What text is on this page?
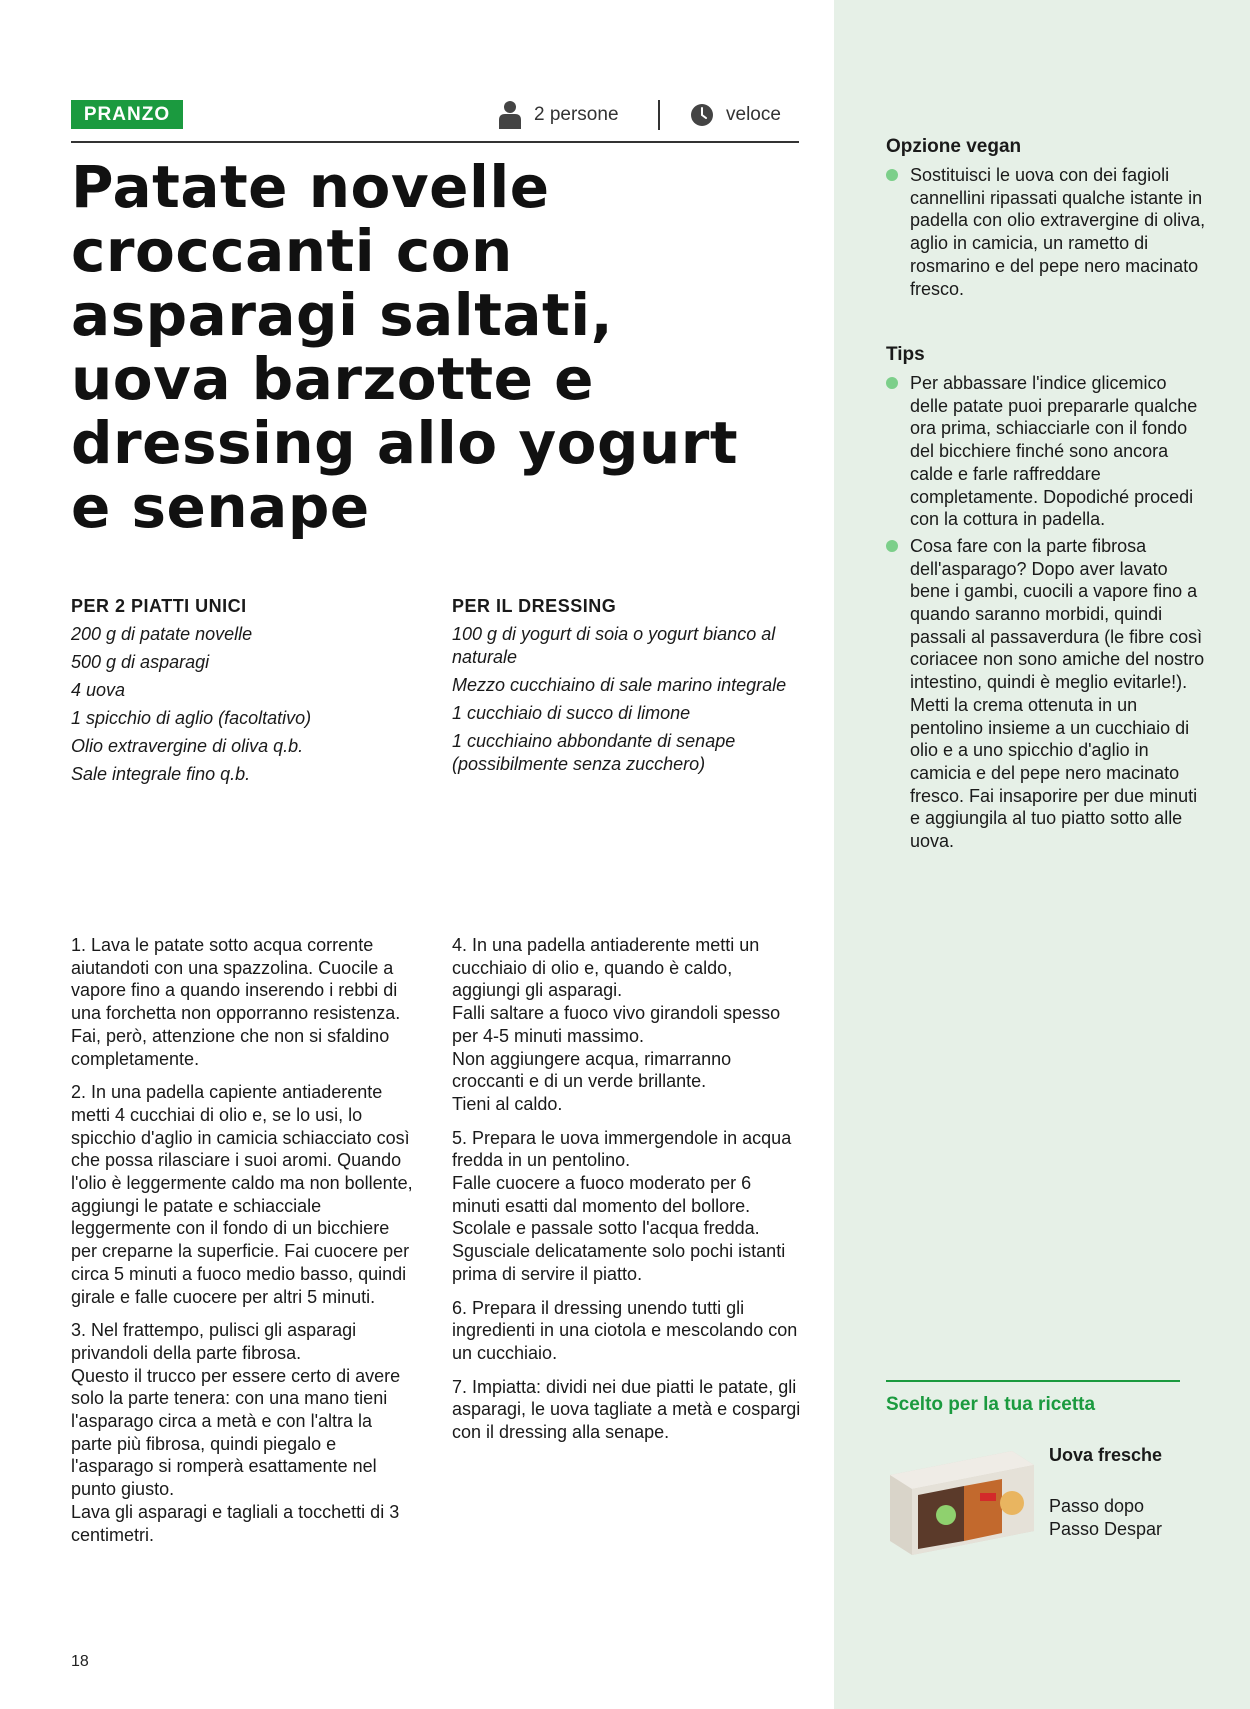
PRANZO	2 persone	veloce
Patate novelle croccanti con asparagi saltati, uova barzotte e dressing allo yogurt e senape
PER 2 PIATTI UNICI
200 g di patate novelle
500 g di asparagi
4 uova
1 spicchio di aglio (facoltativo)
Olio extravergine di oliva q.b.
Sale integrale fino q.b.
PER IL DRESSING
100 g di yogurt di soia o yogurt bianco al naturale
Mezzo cucchiaino di sale marino integrale
1 cucchiaio di succo di limone
1 cucchiaino abbondante di senape (possibilmente senza zucchero)

1. Lava le patate sotto acqua corrente aiutandoti con una spazzolina. Cuocile a vapore fino a quando inserendo i rebbi di una forchetta non opporranno resistenza. Fai, però, attenzione che non si sfaldino completamente.

2. In una padella capiente antiaderente metti 4 cucchiai di olio e, se lo usi, lo spicchio d'aglio in camicia schiacciato così che possa rilasciare i suoi aromi. Quando l'olio è leggermente caldo ma non bollente, aggiungi le patate e schiacciale leggermente con il fondo di un bicchiere per creparne la superficie. Fai cuocere per circa 5 minuti a fuoco medio basso, quindi girale e falle cuocere per altri 5 minuti.

3. Nel frattempo, pulisci gli asparagi privandoli della parte fibrosa.
Questo il trucco per essere certo di avere solo la parte tenera: con una mano tieni l'asparago circa a metà e con l'altra la parte più fibrosa, quindi piegalo e l'asparago si romperà esattamente nel punto giusto.
Lava gli asparagi e tagliali a tocchetti di 3 centimetri.

4. In una padella antiaderente metti un cucchiaio di olio e, quando è caldo, aggiungi gli asparagi.
Falli saltare a fuoco vivo girandoli spesso per 4-5 minuti massimo.
Non aggiungere acqua, rimarranno croccanti e di un verde brillante.
Tieni al caldo.

5. Prepara le uova immergendole in acqua fredda in un pentolino.
Falle cuocere a fuoco moderato per 6 minuti esatti dal momento del bollore.
Scolale e passale sotto l'acqua fredda.
Sgusciale delicatamente solo pochi istanti prima di servire il piatto.

6. Prepara il dressing unendo tutti gli ingredienti in una ciotola e mescolando con un cucchiaio.

7. Impiatta: dividi nei due piatti le patate, gli asparagi, le uova tagliate a metà e cospargi con il dressing alla senape.

Opzione vegan
Sostituisci le uova con dei fagioli cannellini ripassati qualche istante in padella con olio extravergine di oliva, aglio in camicia, un rametto di rosmarino e del pepe nero macinato fresco.
Tips
Per abbassare l'indice glicemico delle patate puoi prepararle qualche ora prima, schiacciarle con il fondo del bicchiere finché sono ancora calde e farle raffreddare completamente. Dopodiché procedi con la cottura in padella.
Cosa fare con la parte fibrosa dell'asparago? Dopo aver lavato bene i gambi, cuocili a vapore fino a quando saranno morbidi, quindi passali al passaverdura (le fibre così coriacee non sono amiche del nostro intestino, quindi è meglio evitarle!). Metti la crema ottenuta in un pentolino insieme a un cucchiaio di olio e a uno spicchio d'aglio in camicia e del pepe nero macinato fresco. Fai insaporire per due minuti e aggiungila al tuo piatto sotto alle uova.
Scelto per la tua ricetta
Uova fresche
Passo dopo Passo Despar
18
